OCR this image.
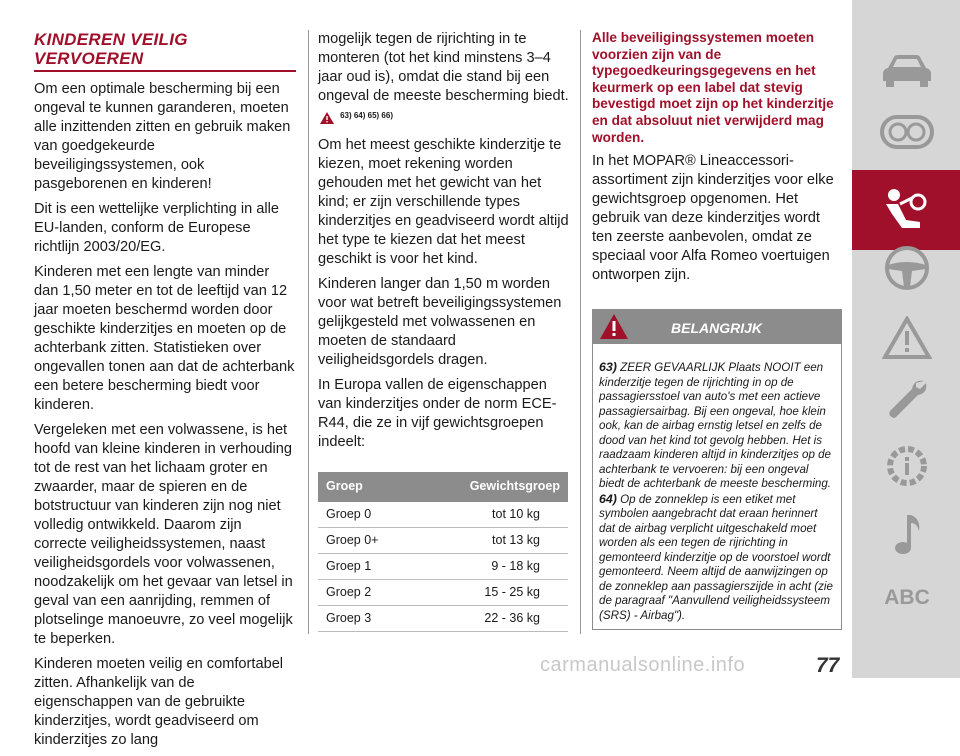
KINDEREN VEILIG VERVOEREN

Om een optimale bescherming bij een ongeval te kunnen garanderen, moeten alle inzittenden zitten en gebruik maken van goedgekeurde beveiligingssystemen, ook pasgeborenen en kinderen!

Dit is een wettelijke verplichting in alle EU-landen, conform de Europese richtlijn 2003/20/EG.

Kinderen met een lengte van minder dan 1,50 meter en tot de leeftijd van 12 jaar moeten beschermd worden door geschikte kinderzitjes en moeten op de achterbank zitten. Statistieken over ongevallen tonen aan dat de achterbank een betere bescherming biedt voor kinderen.

Vergeleken met een volwassene, is het hoofd van kleine kinderen in verhouding tot de rest van het lichaam groter en zwaarder, maar de spieren en de botstructuur van kinderen zijn nog niet volledig ontwikkeld. Daarom zijn correcte veiligheidssystemen, naast veiligheidsgordels voor volwassenen, noodzakelijk om het gevaar van letsel in geval van een aanrijding, remmen of plotselinge manoeuvre, zo veel mogelijk te beperken.

Kinderen moeten veilig en comfortabel zitten. Afhankelijk van de eigenschappen van de gebruikte kinderzitjes, wordt geadviseerd om kinderzitjes zo lang

mogelijk tegen de rijrichting in te monteren (tot het kind minstens 3–4 jaar oud is), omdat die stand bij een ongeval de meeste bescherming biedt.  $^{63) 64) 65) 66)}$

Om het meest geschikte kinderzitje te kiezen, moet rekening worden gehouden met het gewicht van het kind; er zijn verschillende types kinderzitjes en geadviseerd wordt altijd het type te kiezen dat het meest geschikt is voor het kind.

Kinderen langer dan 1,50 m worden voor wat betreft beveiligingssystemen gelijkgesteld met volwassenen en moeten de standaard veiligheidsgordels dragen.

In Europa vallen de eigenschappen van kinderzitjes onder de norm ECE-R44, die ze in vijf gewichtsgroepen indeelt:

Groep	Gewichtsgroep
Groep 0	tot 10 kg
Groep 0+	tot 13 kg
Groep 1	9 - 18 kg
Groep 2	15 - 25 kg
Groep 3	22 - 36 kg
Alle beveiligingssystemen moeten voorzien zijn van de typegoedkeuringsgegevens en het keurmerk op een label dat stevig bevestigd moet zijn op het kinderzitje en dat absoluut niet verwijderd mag worden.

In het MOPAR® Lineaccessori-assortiment zijn kinderzitjes voor elke gewichtsgroep opgenomen. Het gebruik van deze kinderzitjes wordt ten zeerste aanbevolen, omdat ze speciaal voor Alfa Romeo voertuigen ontworpen zijn.

BELANGRIJK

63) ZEER GEVAARLIJK Plaats NOOIT een kinderzitje tegen de rijrichting in op de passagiersstoel van auto's met een actieve passagiersairbag. Bij een ongeval, hoe klein ook, kan de airbag ernstig letsel en zelfs de dood van het kind tot gevolg hebben. Het is raadzaam kinderen altijd in kinderzitjes op de achterbank te vervoeren: bij een ongeval biedt de achterbank de meeste bescherming.

64) Op de zonneklep is een etiket met symbolen aangebracht dat eraan herinnert dat de airbag verplicht uitgeschakeld moet worden als een tegen de rijrichting in gemonteerd kinderzitje op de voorstoel wordt gemonteerd. Neem altijd de aanwijzingen op de zonneklep aan passagierszijde in acht (zie de paragraaf "Aanvullend veiligheidssysteem (SRS) - Airbag").

ABC
carmanualsonline.info	77
